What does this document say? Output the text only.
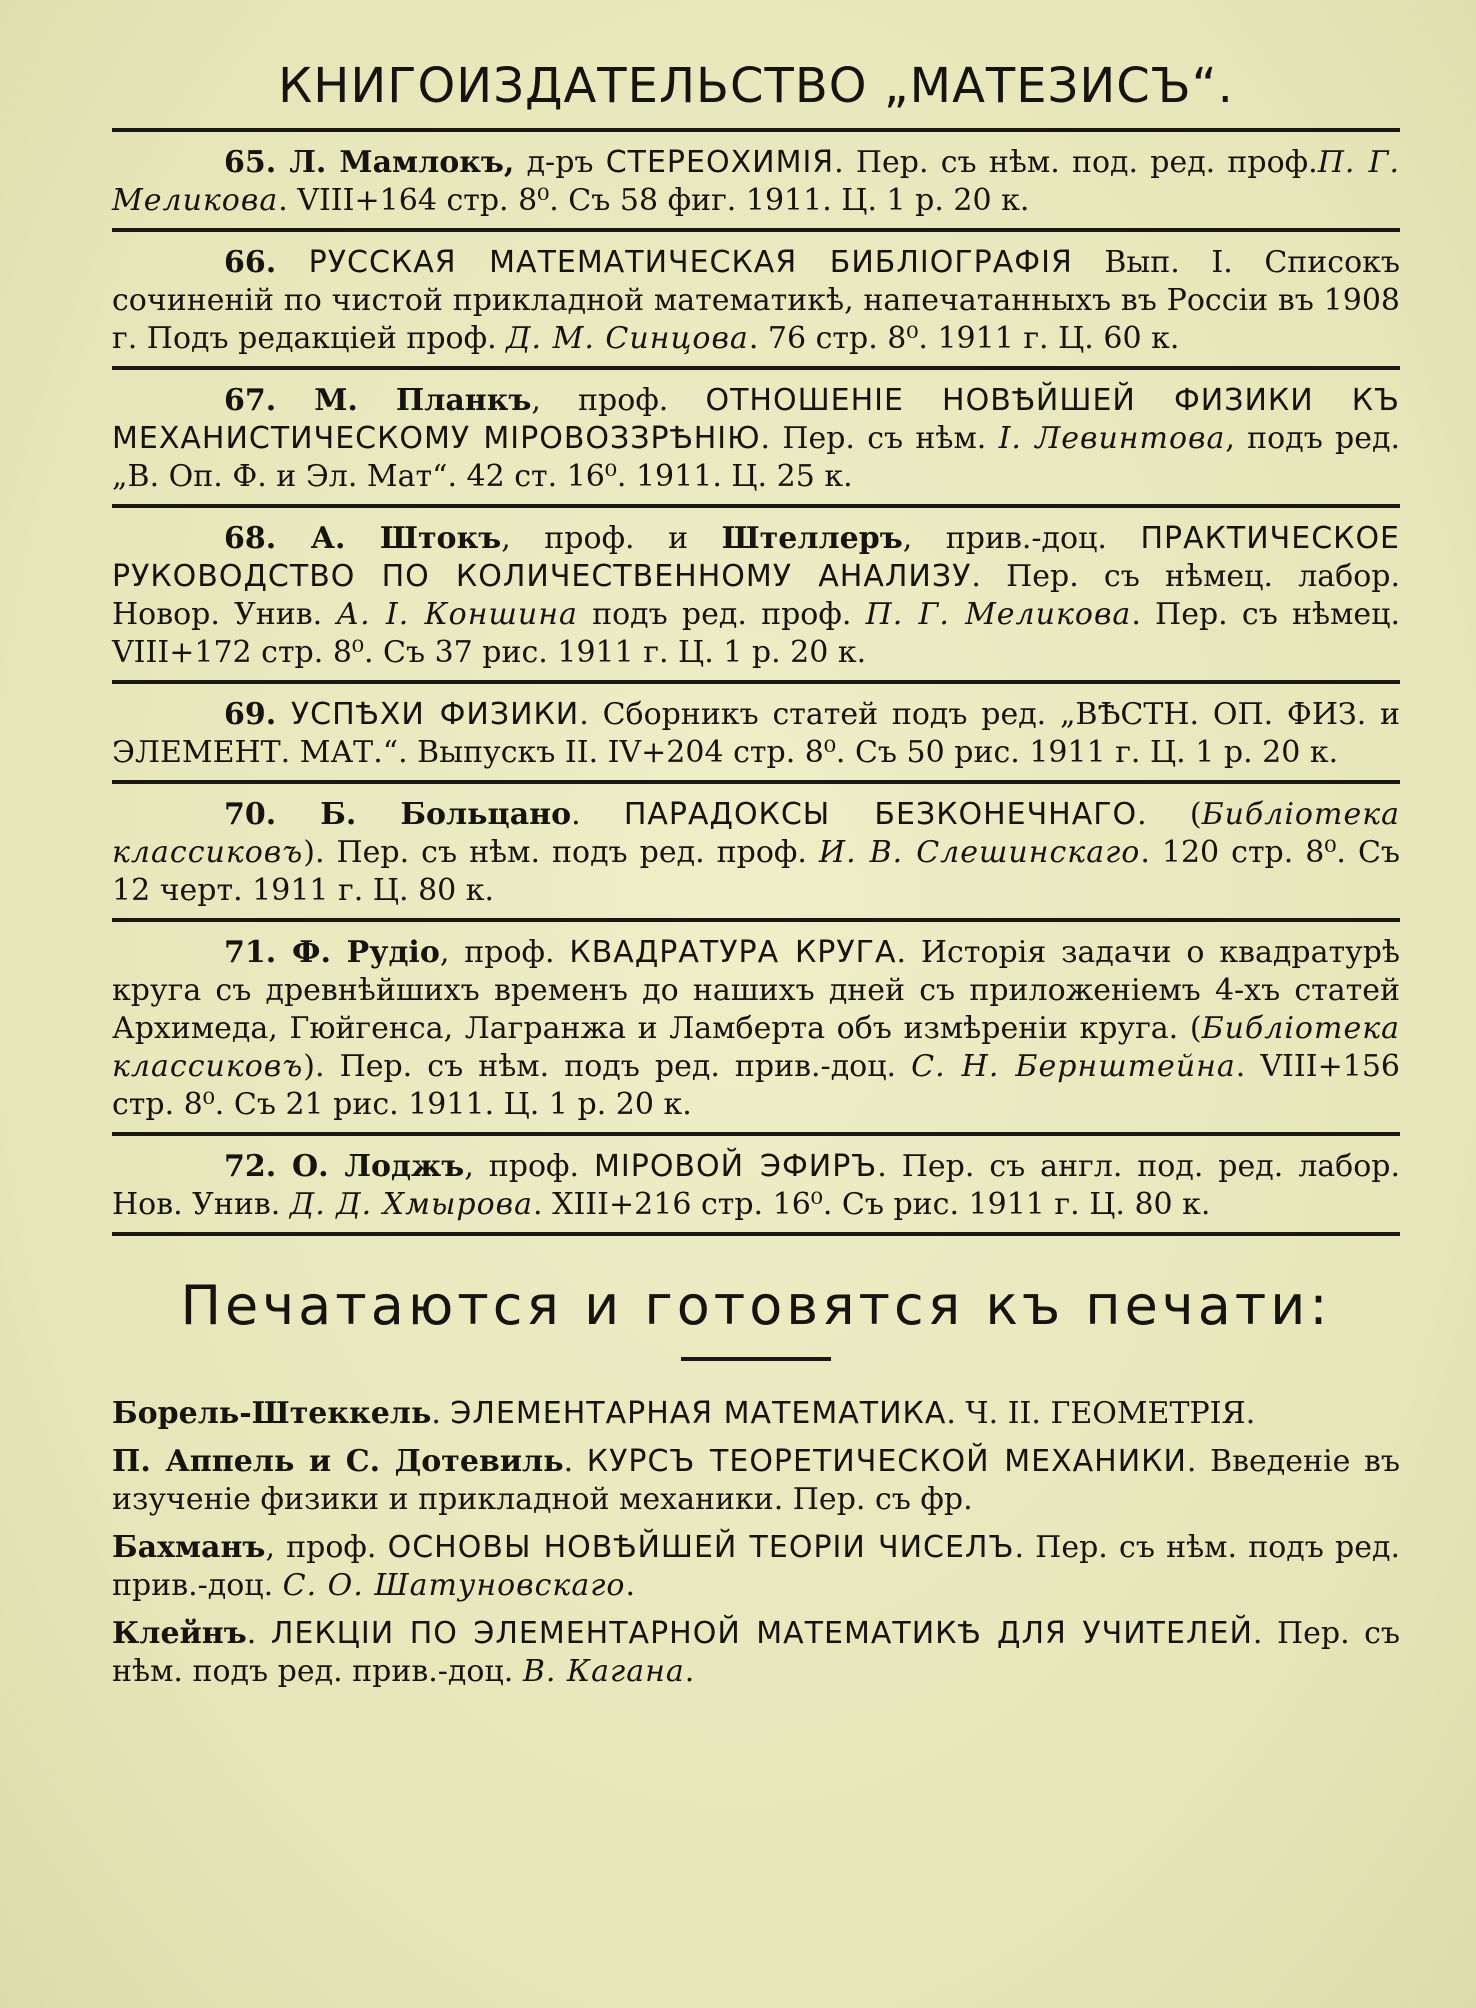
КНИГОИЗДАТЕЛЬСТВО „МАТЕЗИСЪ“.
65. Л. Мамлокъ, д-ръ СТЕРЕОХИМІЯ. Пер. съ нѣм. под. ред. проф.П. Г. Меликова. VIII+164 стр. 8⁰. Съ 58 фиг. 1911. Ц. 1 р. 20 к.
66. РУССКАЯ МАТЕМАТИЧЕСКАЯ БИБЛІОГРАФІЯ Вып. I. Списокъ сочиненій по чистой прикладной математикѣ, напечатанныхъ въ Россіи въ 1908 г. Подъ редакціей проф. Д. М. Синцова. 76 стр. 8⁰. 1911 г. Ц. 60 к.
67. М. Планкъ, проф. ОТНОШЕНІЕ НОВѢЙШЕЙ ФИЗИКИ КЪ МЕХАНИСТИЧЕСКОМУ МІРОВОЗЗРѢНІЮ. Пер. съ нѣм. І. Левинтова, подъ ред. „В. Оп. Ф. и Эл. Мат“. 42 ст. 16⁰. 1911. Ц. 25 к.
68. А. Штокъ, проф. и Штеллеръ, прив.-доц. ПРАКТИЧЕСКОЕ РУКОВОДСТВО ПО КОЛИЧЕСТВЕННОМУ АНАЛИЗУ. Пер. съ нѣмец. лабор. Новор. Унив. А. І. Коншина подъ ред. проф. П. Г. Меликова. Пер. съ нѣмец. VIII+172 стр. 8⁰. Съ 37 рис. 1911 г. Ц. 1 р. 20 к.
69. УСПѢХИ ФИЗИКИ. Сборникъ статей подъ ред. „ВѢСТН. ОП. ФИЗ. и ЭЛЕМЕНТ. МАТ.“. Выпускъ II. IV+204 стр. 8⁰. Съ 50 рис. 1911 г. Ц. 1 р. 20 к.
70. Б. Больцано. ПАРАДОКСЫ БЕЗКОНЕЧНАГО. (Библіотека классиковъ). Пер. съ нѣм. подъ ред. проф. И. В. Слешинскаго. 120 стр. 8⁰. Съ 12 черт. 1911 г. Ц. 80 к.
71. Ф. Рудіо, проф. КВАДРАТУРА КРУГА. Исторія задачи о квадратурѣ круга съ древнѣйшихъ временъ до нашихъ дней съ приложеніемъ 4-хъ статей Архимеда, Гюйгенса, Лагранжа и Ламберта объ измѣреніи круга. (Библіотека классиковъ). Пер. съ нѣм. подъ ред. прив.-доц. С. Н. Бернштейна. VIII+156 стр. 8⁰. Съ 21 рис. 1911. Ц. 1 р. 20 к.
72. О. Лоджъ, проф. МІРОВОЙ ЭФИРЪ. Пер. съ англ. под. ред. лабор. Нов. Унив. Д. Д. Хмырова. XIII+216 стр. 16⁰. Съ рис. 1911 г. Ц. 80 к.
Печатаются и готовятся къ печати:
Борель-Штеккель. ЭЛЕМЕНТАРНАЯ МАТЕМАТИКА. Ч. II. ГЕОМЕТРІЯ.
П. Аппель и С. Дотевиль. КУРСЪ ТЕОРЕТИЧЕСКОЙ МЕХАНИКИ. Введеніе въ изученіе физики и прикладной механики. Пер. съ фр.
Бахманъ, проф. ОСНОВЫ НОВѢЙШЕЙ ТЕОРІИ ЧИСЕЛЪ. Пер. съ нѣм. подъ ред. прив.-доц. С. О. Шатуновскаго.
Клейнъ. ЛЕКЦІИ ПО ЭЛЕМЕНТАРНОЙ МАТЕМАТИКѢ ДЛЯ УЧИТЕЛЕЙ. Пер. съ нѣм. подъ ред. прив.-доц. В. Кагана.
